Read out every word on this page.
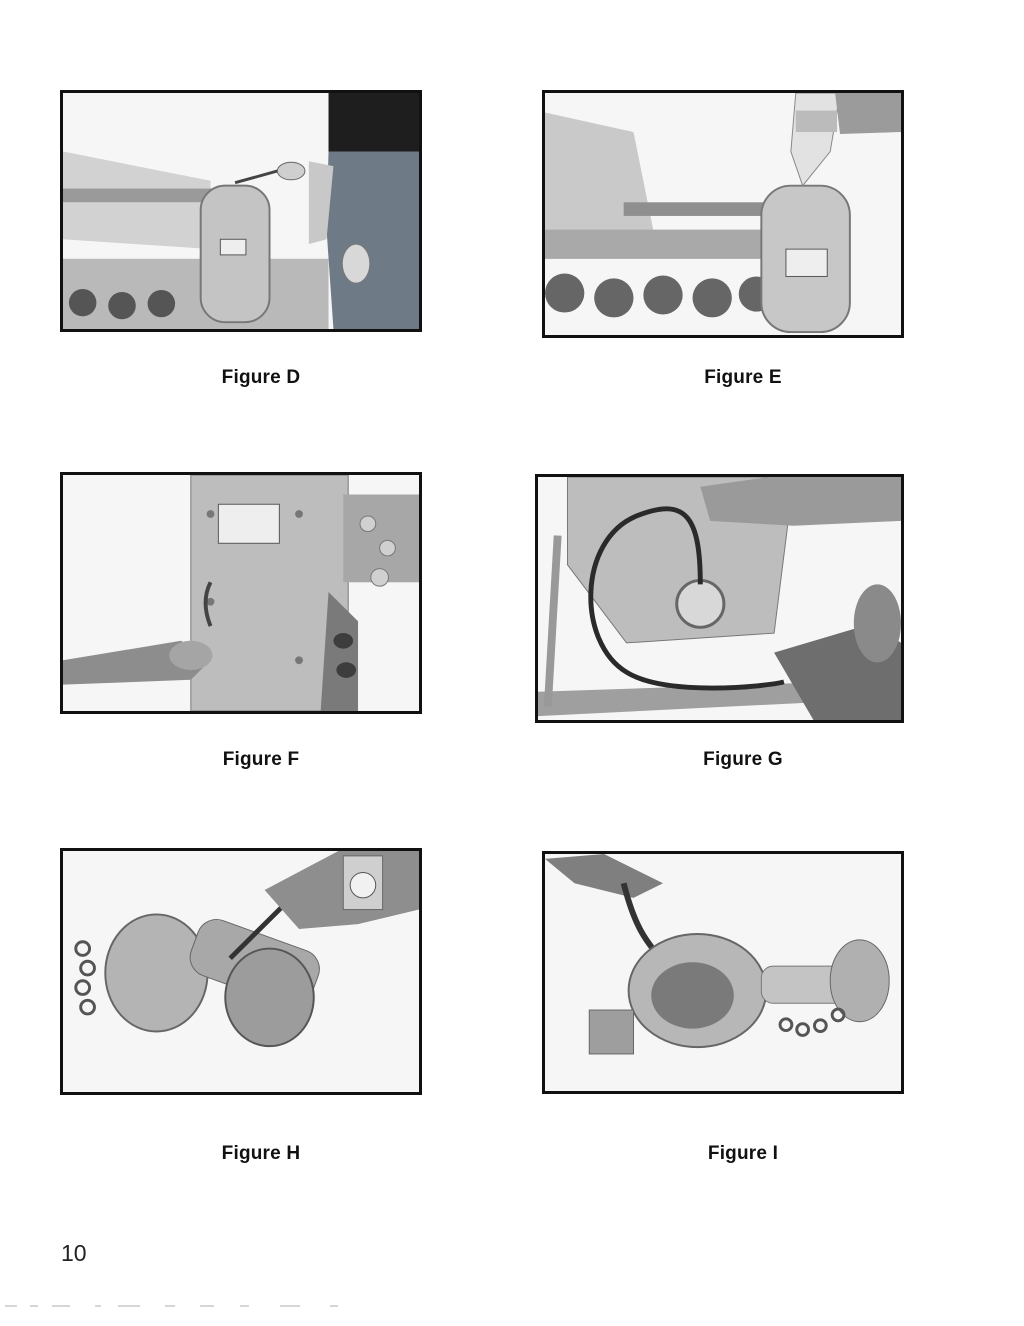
Figure D	Figure E
Figure F	Figure G
Figure H	Figure I
10
